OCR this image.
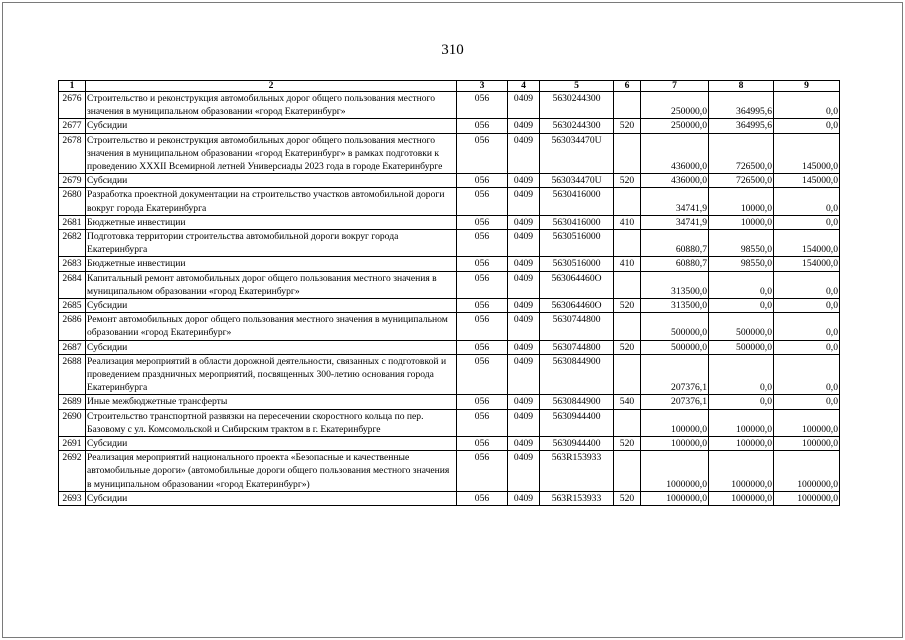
310
1	2	3	4	5	6	7	8	9
2676	Строительство и реконструкция автомобильных дорог общего пользования местного значения в муниципальном образовании «город Екатеринбург»	056	0409	5630244300		250000,0	364995,6	0,0
2677	Субсидии	056	0409	5630244300	520	250000,0	364995,6	0,0
2678	Строительство и реконструкция автомобильных дорог общего пользования местного значения в муниципальном образовании «город Екатеринбург» в рамках подготовки к проведению XXXII Всемирной летней Универсиады 2023 года в городе Екатеринбурге	056	0409	563034470U		436000,0	726500,0	145000,0
2679	Субсидии	056	0409	563034470U	520	436000,0	726500,0	145000,0
2680	Разработка проектной документации на строительство участков автомобильной дороги вокруг города Екатеринбурга	056	0409	5630416000		34741,9	10000,0	0,0
2681	Бюджетные инвестиции	056	0409	5630416000	410	34741,9	10000,0	0,0
2682	Подготовка территории строительства автомобильной дороги вокруг города Екатеринбурга	056	0409	5630516000		60880,7	98550,0	154000,0
2683	Бюджетные инвестиции	056	0409	5630516000	410	60880,7	98550,0	154000,0
2684	Капитальный ремонт автомобильных дорог общего пользования местного значения в муниципальном образовании «город Екатеринбург»	056	0409	563064460O		313500,0	0,0	0,0
2685	Субсидии	056	0409	563064460O	520	313500,0	0,0	0,0
2686	Ремонт автомобильных дорог общего пользования местного значения в муниципальном образовании «город Екатеринбург»	056	0409	5630744800		500000,0	500000,0	0,0
2687	Субсидии	056	0409	5630744800	520	500000,0	500000,0	0,0
2688	Реализация мероприятий в области дорожной деятельности, связанных с подготовкой и проведением праздничных мероприятий, посвященных 300-летию основания города Екатеринбурга	056	0409	5630844900		207376,1	0,0	0,0
2689	Иные межбюджетные трансферты	056	0409	5630844900	540	207376,1	0,0	0,0
2690	Строительство транспортной развязки на пересечении скоростного кольца по пер. Базовому с ул. Комсомольской и Сибирским трактом в г. Екатеринбурге	056	0409	5630944400		100000,0	100000,0	100000,0
2691	Субсидии	056	0409	5630944400	520	100000,0	100000,0	100000,0
2692	Реализация мероприятий национального проекта «Безопасные и качественные автомобильные дороги» (автомобильные дороги общего пользования местного значения в муниципальном образовании «город Екатеринбург»)	056	0409	563R153933		1000000,0	1000000,0	1000000,0
2693	Субсидии	056	0409	563R153933	520	1000000,0	1000000,0	1000000,0
